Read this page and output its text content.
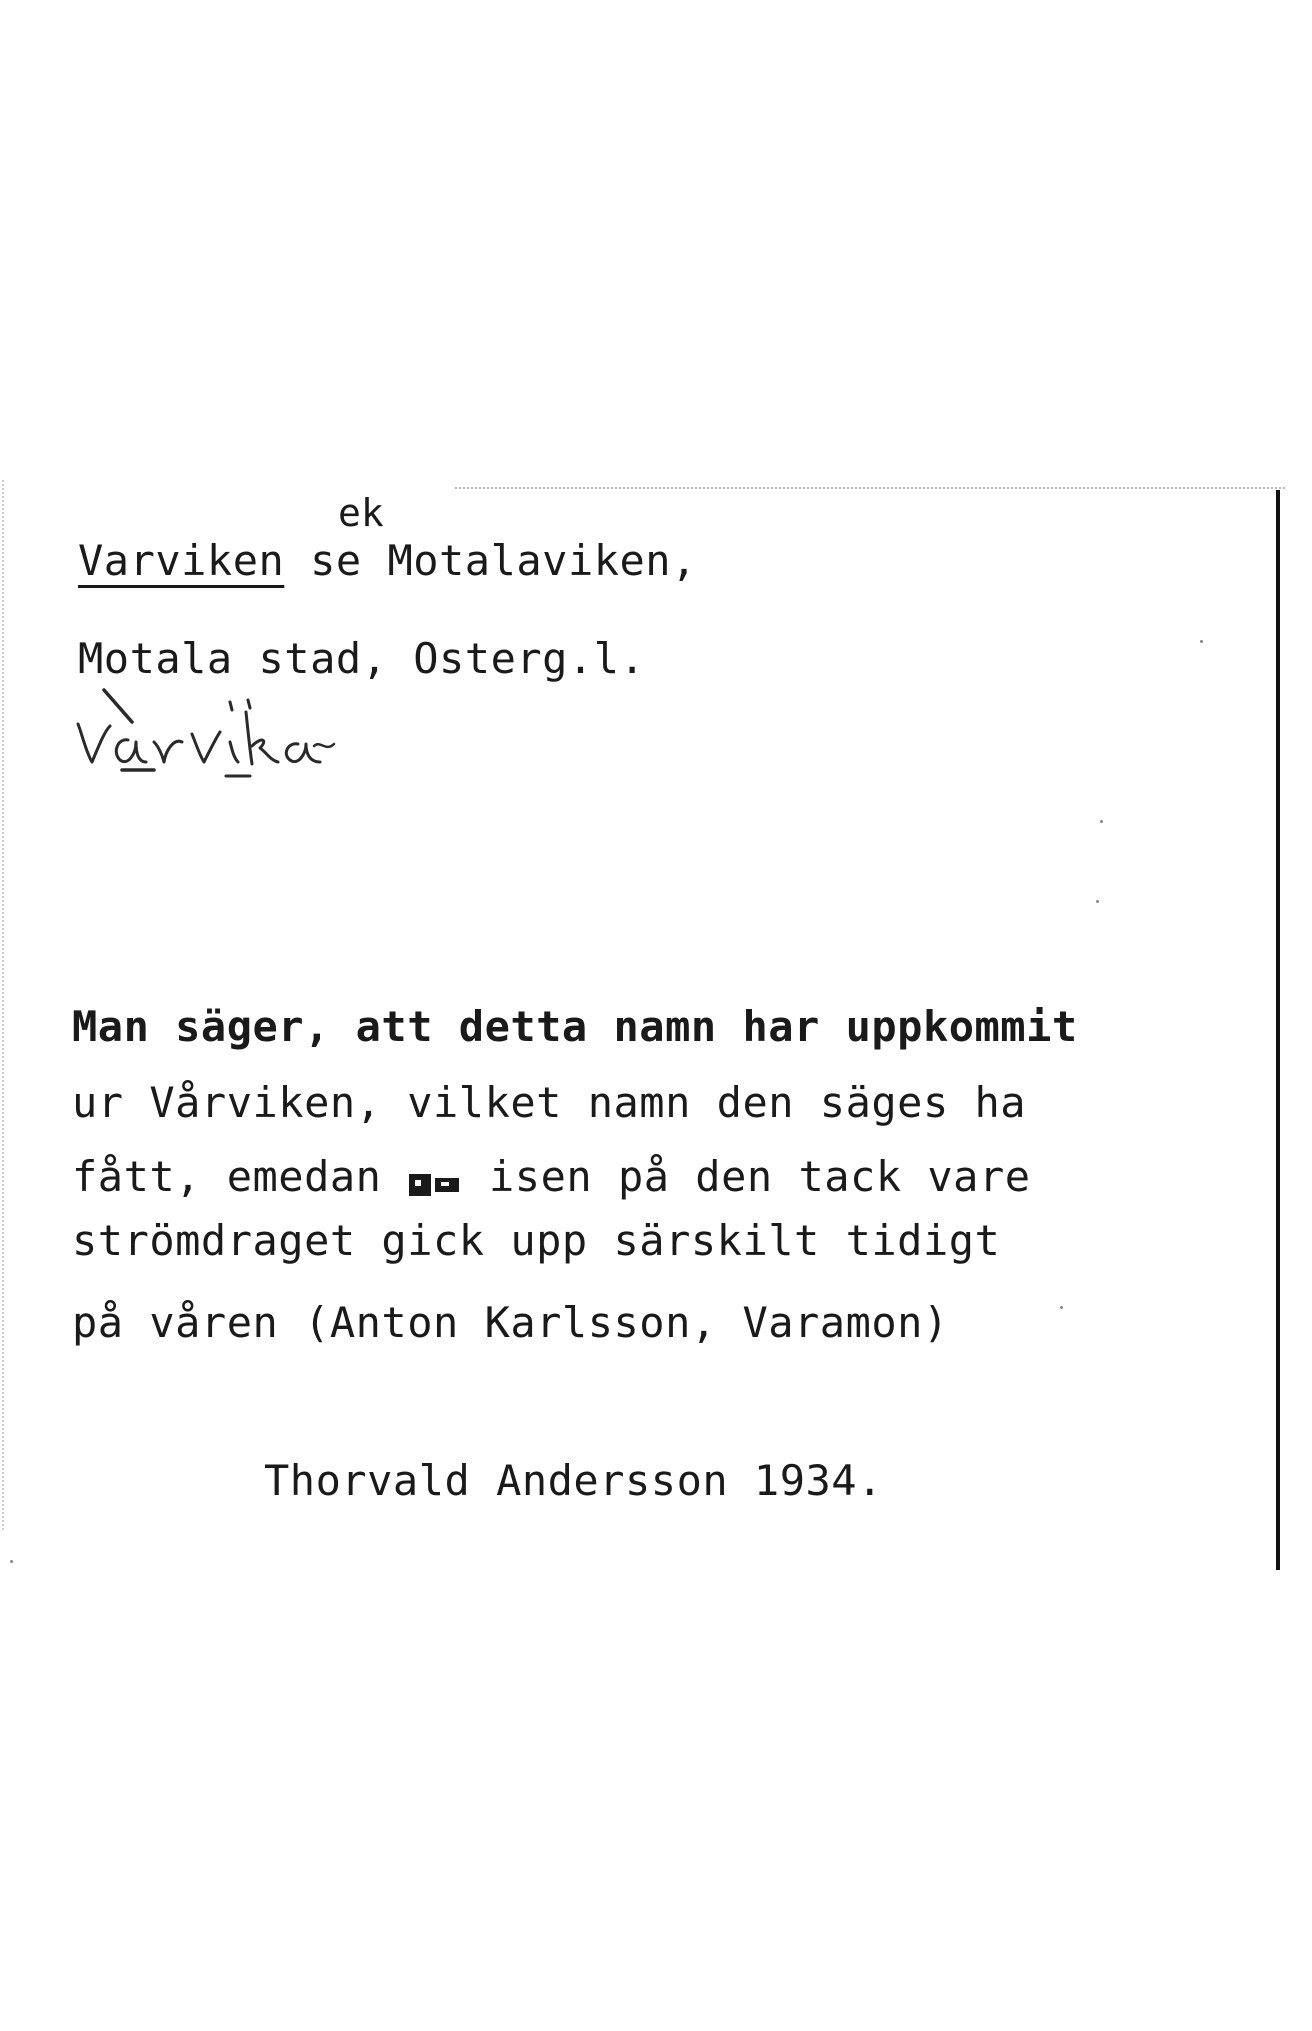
ek
Varviken se Motalaviken,
Motala stad, Osterg.l.
Man säger, att detta namn har uppkommit
ur Vårviken, vilket namn den säges ha
fått, emedan  isen på den tack vare
strömdraget gick upp särskilt tidigt
på våren (Anton Karlsson, Varamon)
Thorvald Andersson 1934.
